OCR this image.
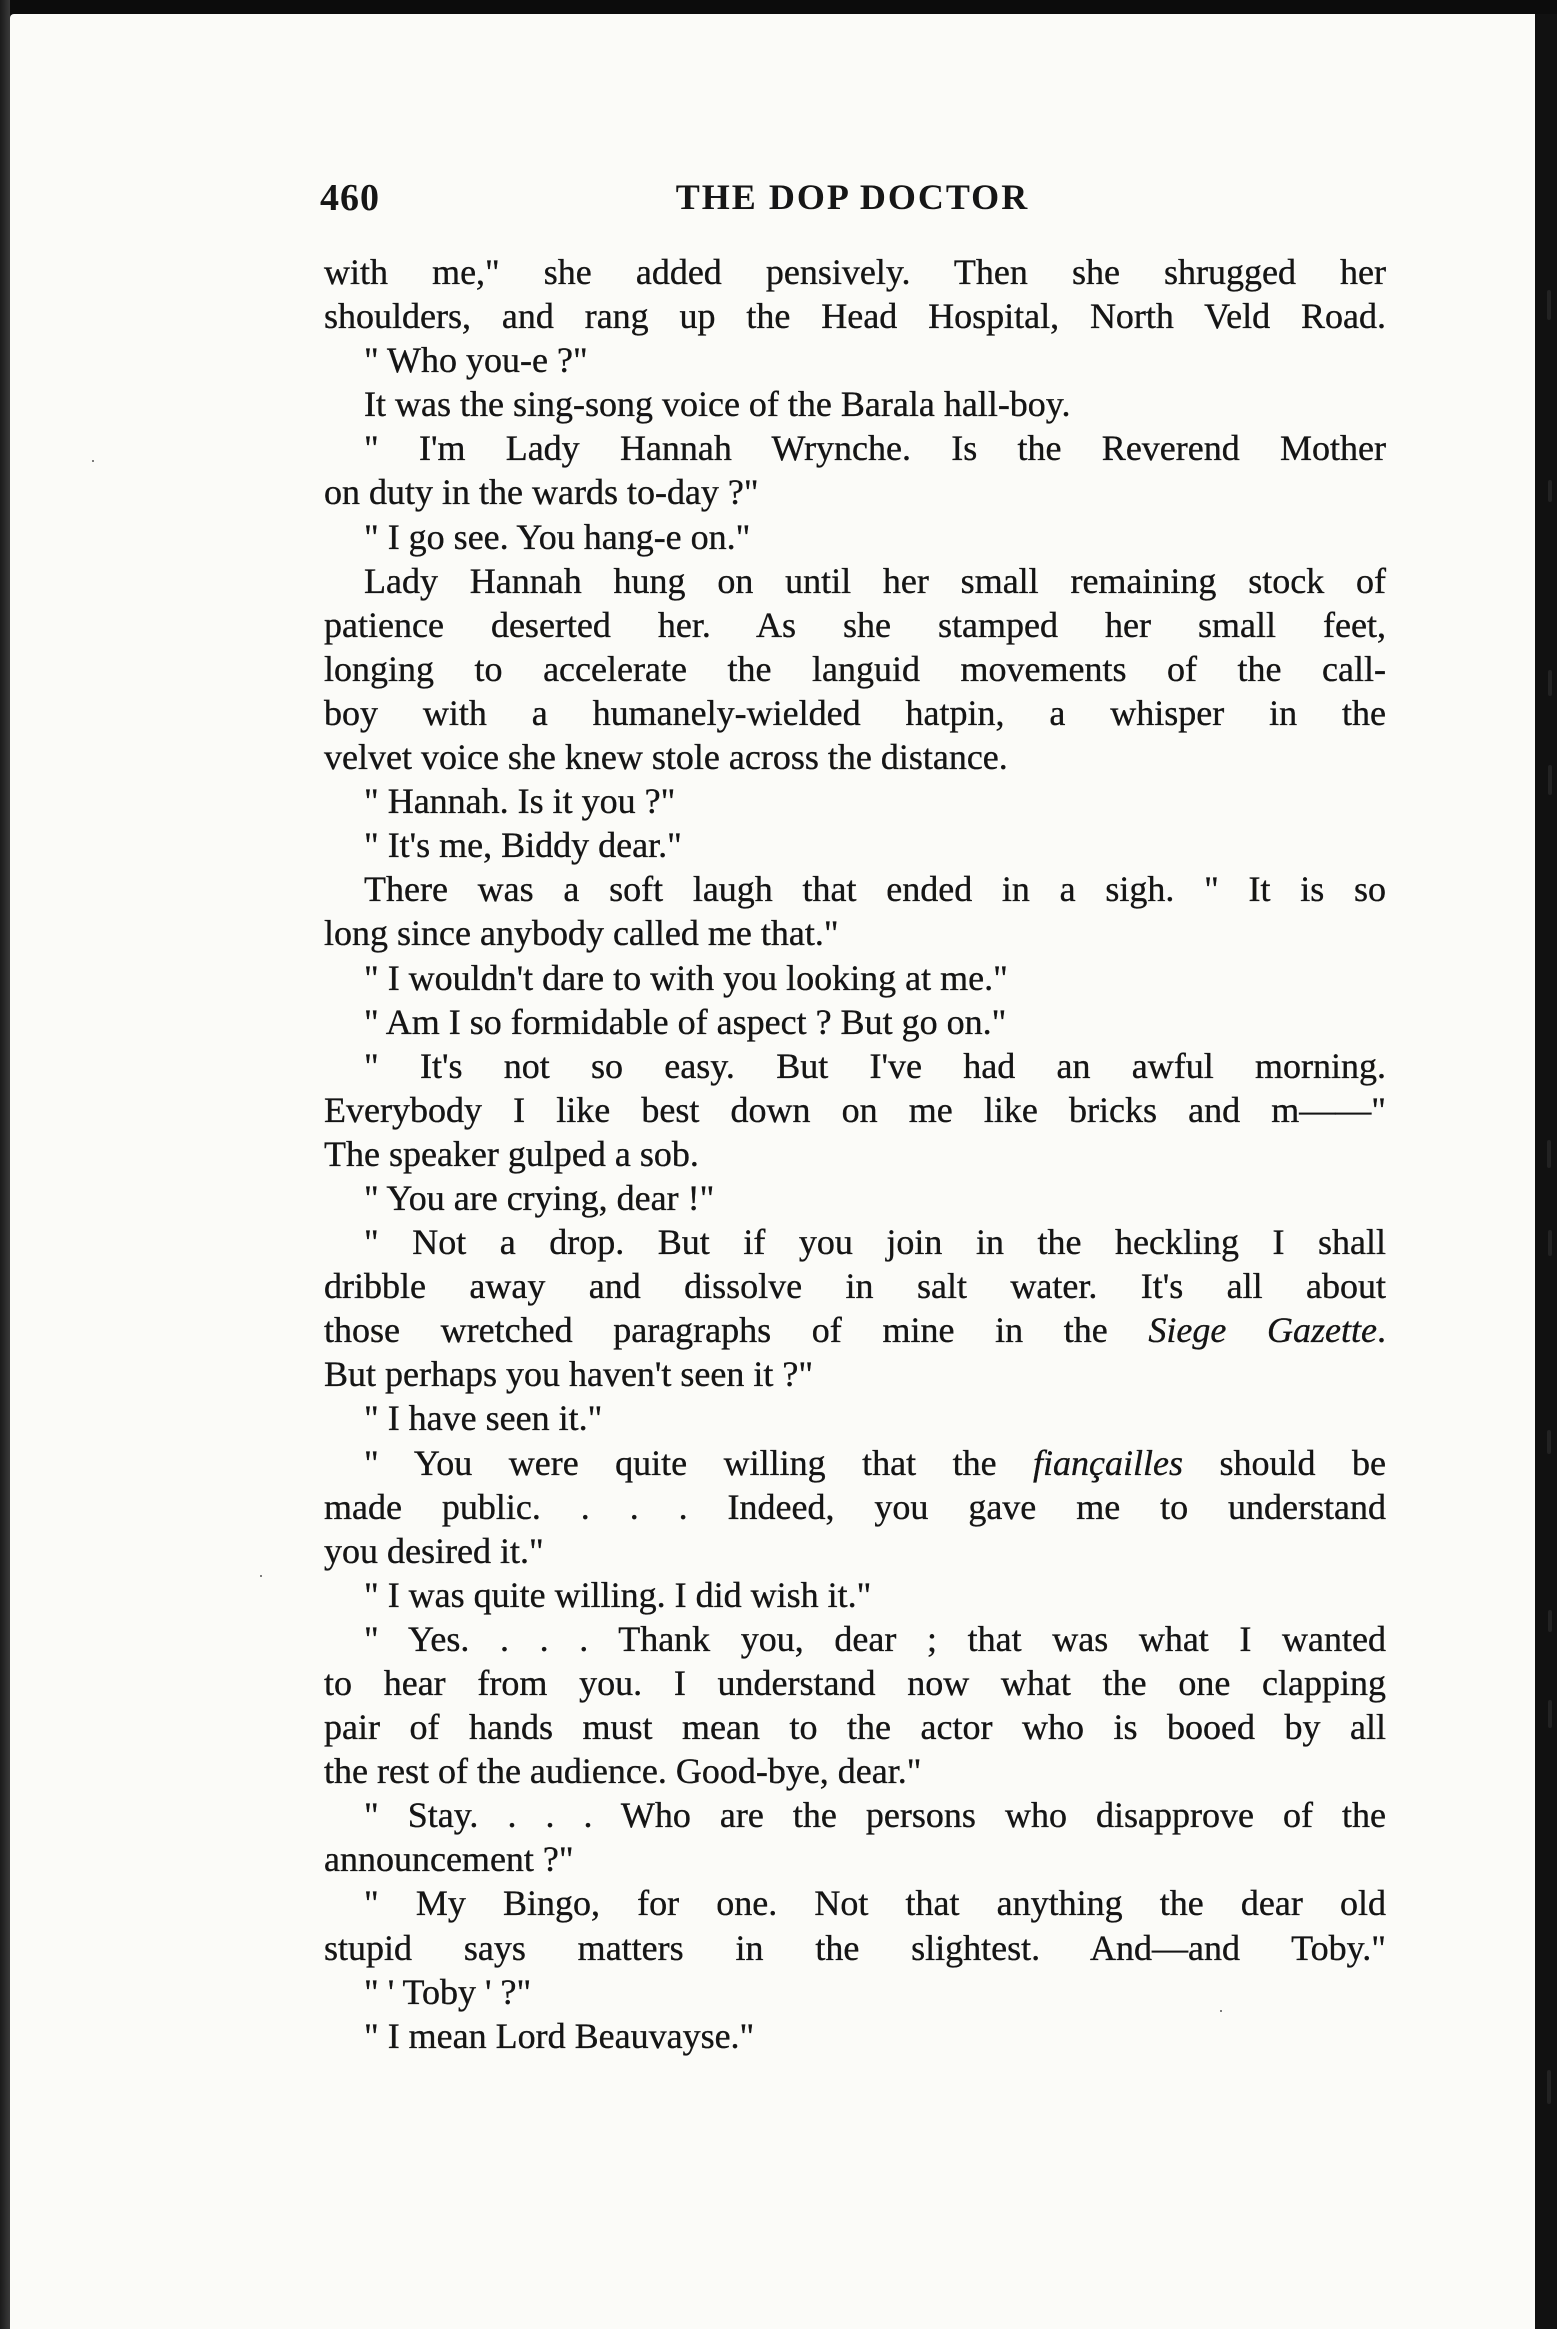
460	THE DOP DOCTOR
with me," she added pensively. Then she shrugged her
shoulders, and rang up the Head Hospital, North Veld Road.
" Who you-e ?"
It was the sing-song voice of the Barala hall-boy.
" I'm Lady Hannah Wrynche. Is the Reverend Mother
on duty in the wards to-day ?"
" I go see. You hang-e on."
Lady Hannah hung on until her small remaining stock of
patience deserted her. As she stamped her small feet,
longing to accelerate the languid movements of the call-
boy with a humanely-wielded hatpin, a whisper in the
velvet voice she knew stole across the distance.
" Hannah. Is it you ?"
" It's me, Biddy dear."
There was a soft laugh that ended in a sigh. " It is so
long since anybody called me that."
" I wouldn't dare to with you looking at me."
" Am I so formidable of aspect ? But go on."
" It's not so easy. But I've had an awful morning.
Everybody I like best down on me like bricks and m——"
The speaker gulped a sob.
" You are crying, dear !"
" Not a drop. But if you join in the heckling I shall
dribble away and dissolve in salt water. It's all about
those wretched paragraphs of mine in the Siege Gazette.
But perhaps you haven't seen it ?"
" I have seen it."
" You were quite willing that the fiançailles should be
made public. . . . Indeed, you gave me to understand
you desired it."
" I was quite willing. I did wish it."
" Yes. . . . Thank you, dear ; that was what I wanted
to hear from you. I understand now what the one clapping
pair of hands must mean to the actor who is booed by all
the rest of the audience. Good-bye, dear."
" Stay. . . . Who are the persons who disapprove of the
announcement ?"
" My Bingo, for one. Not that anything the dear old
stupid says matters in the slightest. And—and Toby."
" ' Toby ' ?"
" I mean Lord Beauvayse."
